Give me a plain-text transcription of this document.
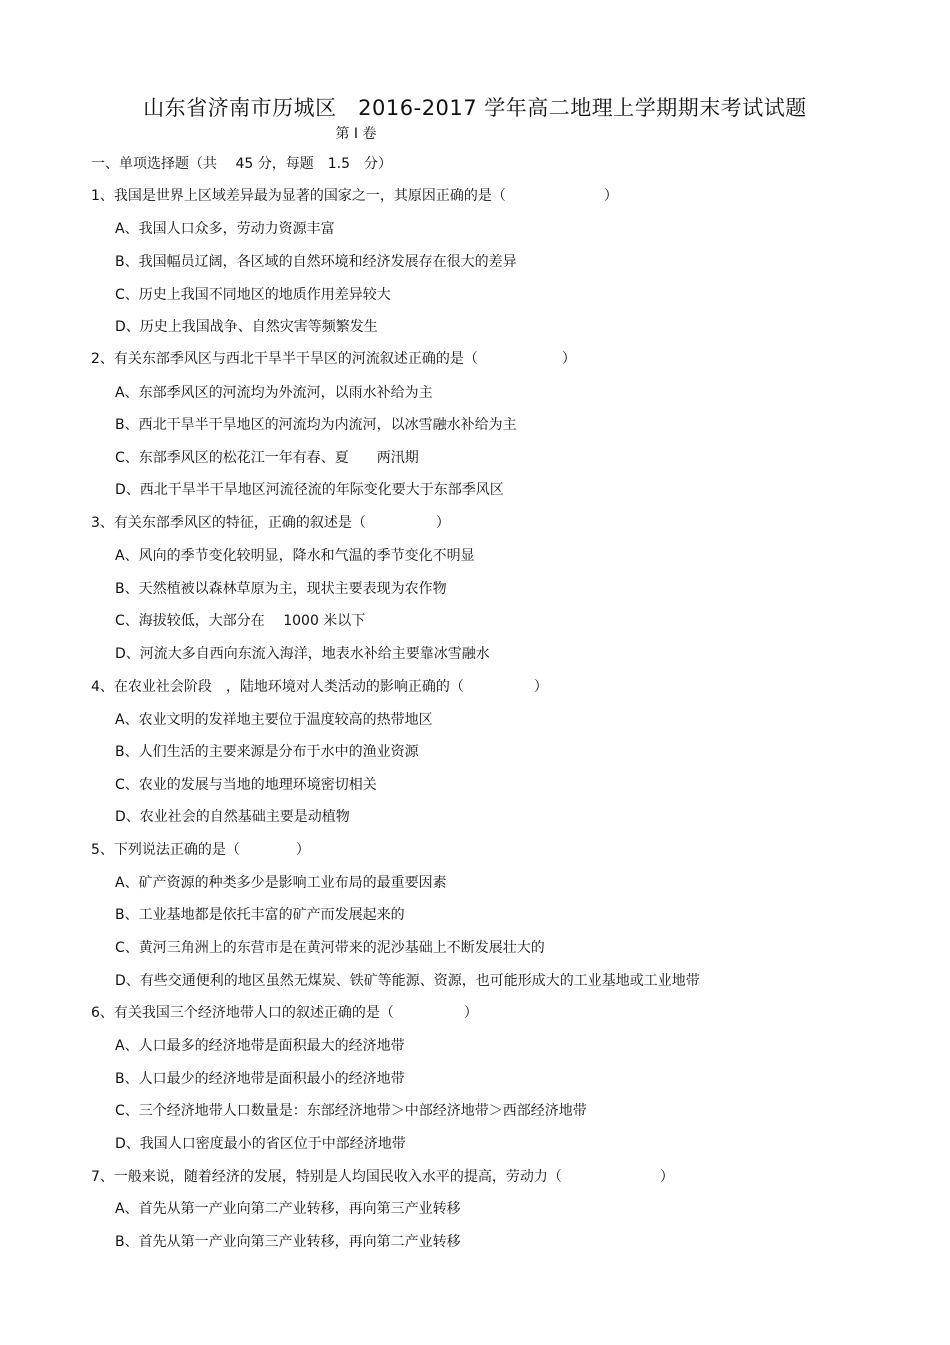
山东省济南市历城区　2016-2017 学年高二地理上学期期末考试试题
第 I 卷
一、单项选择题（共　 45 分，每题　1.5　分）
1、我国是世界上区域差异最为显著的国家之一，其原因正确的是（　　　　　　　）
A、我国人口众多，劳动力资源丰富
B、我国幅员辽阔，各区域的自然环境和经济发展存在很大的差异
C、历史上我国不同地区的地质作用差异较大
D、历史上我国战争、自然灾害等频繁发生
2、有关东部季风区与西北干旱半干旱区的河流叙述正确的是（　　　　　　）
A、东部季风区的河流均为外流河，以雨水补给为主
B、西北干旱半干旱地区的河流均为内流河，以冰雪融水补给为主
C、东部季风区的松花江一年有春、夏　　两汛期
D、西北干旱半干旱地区河流径流的年际变化要大于东部季风区
3、有关东部季风区的特征，正确的叙述是（　　　　　）
A、风向的季节变化较明显，降水和气温的季节变化不明显
B、天然植被以森林草原为主，现状主要表现为农作物
C、海拔较低，大部分在　 1000 米以下
D、河流大多自西向东流入海洋，地表水补给主要靠冰雪融水
4、在农业社会阶段　，陆地环境对人类活动的影响正确的（　　　　　）
A、农业文明的发祥地主要位于温度较高的热带地区
B、人们生活的主要来源是分布于水中的渔业资源
C、农业的发展与当地的地理环境密切相关
D、农业社会的自然基础主要是动植物
5、下列说法正确的是（　　　　）
A、矿产资源的种类多少是影响工业布局的最重要因素
B、工业基地都是依托丰富的矿产而发展起来的
C、黄河三角洲上的东营市是在黄河带来的泥沙基础上不断发展壮大的
D、有些交通便利的地区虽然无煤炭、铁矿等能源、资源，也可能形成大的工业基地或工业地带
6、有关我国三个经济地带人口的叙述正确的是（　　　　　）
A、人口最多的经济地带是面积最大的经济地带
B、人口最少的经济地带是面积最小的经济地带
C、三个经济地带人口数量是：东部经济地带＞中部经济地带＞西部经济地带
D、我国人口密度最小的省区位于中部经济地带
7、一般来说，随着经济的发展，特别是人均国民收入水平的提高，劳动力（　　　　　　　）
A、首先从第一产业向第二产业转移，再向第三产业转移
B、首先从第一产业向第三产业转移，再向第二产业转移
